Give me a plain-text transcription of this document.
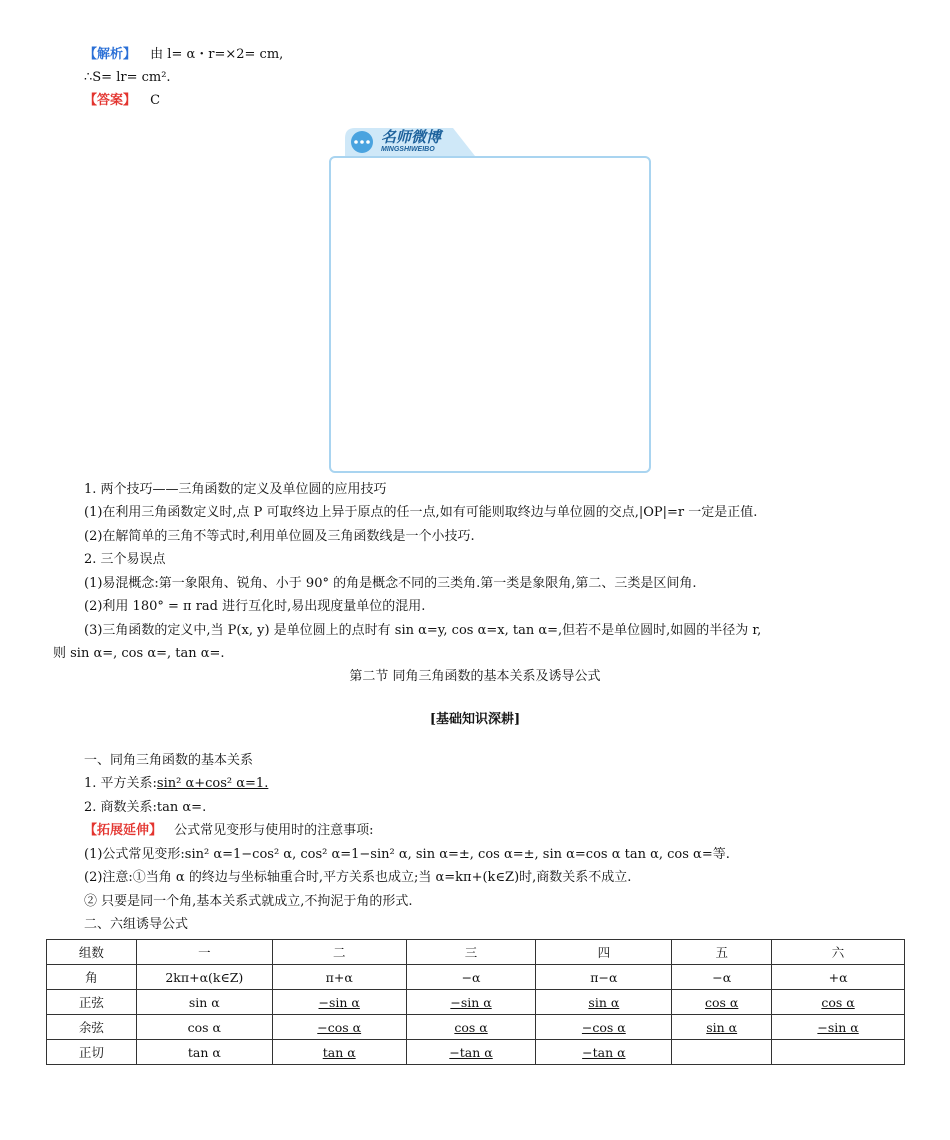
【解析】 由 l= α・r=×2= cm,
∴S= lr= cm².
【答案】 C
名师微博
MINGSHIWEIBO
1. 两个技巧——三角函数的定义及单位圆的应用技巧
(1)在利用三角函数定义时,点 P 可取终边上异于原点的任一点,如有可能则取终边与单位圆的交点,|OP|=r 一定是正值.
(2)在解简单的三角不等式时,利用单位圆及三角函数线是一个小技巧.
2. 三个易误点
(1)易混概念:第一象限角、锐角、小于 90° 的角是概念不同的三类角.第一类是象限角,第二、三类是区间角.
(2)利用 180° = π rad 进行互化时,易出现度量单位的混用.
(3)三角函数的定义中,当 P(x, y) 是单位圆上的点时有 sin α=y, cos α=x, tan α=,但若不是单位圆时,如圆的半径为 r,
则 sin α=, cos α=, tan α=.
第二节 同角三角函数的基本关系及诱导公式
[基础知识深耕]
一、同角三角函数的基本关系
1. 平方关系:sin² α+cos² α=1.
2. 商数关系:tan α=.
【拓展延伸】 公式常见变形与使用时的注意事项:
(1)公式常见变形:sin² α=1−cos² α, cos² α=1−sin² α, sin α=±, cos α=±, sin α=cos α tan α, cos α=等.
(2)注意:①当角 α 的终边与坐标轴重合时,平方关系也成立;当 α=kπ+(k∈Z)时,商数关系不成立.
② 只要是同一个角,基本关系式就成立,不拘泥于角的形式.
二、六组诱导公式
组数	一	二	三	四	五	六
角	2kπ+α(k∈Z)	π+α	−α	π−α	−α	+α
正弦	sin α	−sin α	−sin α	sin α	cos α	cos α
余弦	cos α	−cos α	cos α	−cos α	sin α	−sin α
正切	tan α	tan α	−tan α	−tan α		
